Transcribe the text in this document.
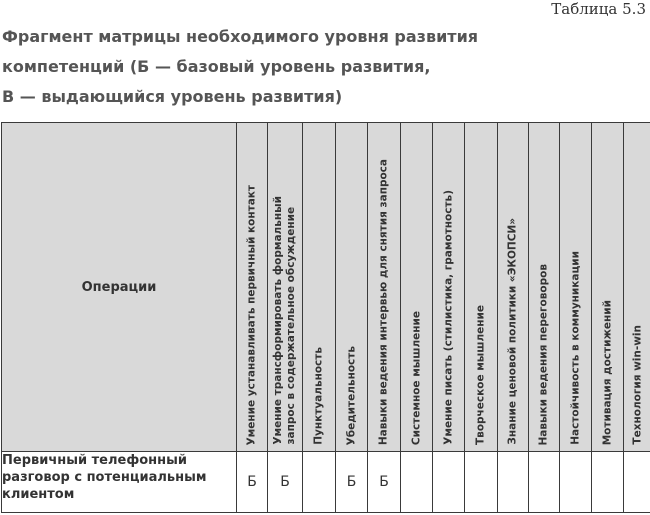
Таблица 5.3
Фрагмент матрицы необходимого уровня развития
компетенций (Б — базовый уровень развития,
В — выдающийся уровень развития)
Операции	Умение устанавливать первичный контакт	Умение трансформировать формальный запрос в содержательное обсуждение	Пунктуальность	Убедительность	Навыки ведения интервью для снятия запроса	Системное мышление	Умение писать (стилистика, грамотность)	Творческое мышление	Знание ценовой политики «ЭКОПСИ»	Навыки ведения переговоров	Настойчивость в коммуникации	Мотивация достижений	Технология win-win

Первичный телефонный
разговор с потенциальным
клиентом	Б	Б		Б	Б								
